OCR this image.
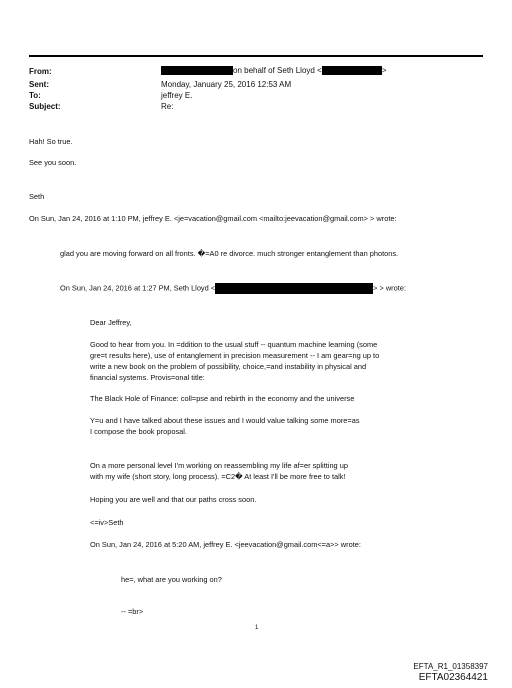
From:	on behalf of Seth Lloyd <	>
Sent:	Monday, January 25, 2016 12:53 AM
To:	jeffrey E.
Subject:	Re:
Hah! So true.
See you soon.
Seth
On Sun, Jan 24, 2016 at 1:10 PM, jeffrey E. <je=vacation@gmail.com <mailto:jeevacation@gmail.com> > wrote:
glad you are moving forward on all fronts. �=A0 re divorce. much stronger entanglement than photons.
On Sun, Jan 24, 2016 at 1:27 PM, Seth Lloyd <	> > wrote:
Dear Jeffrey,
Good to hear from you. In =ddition to the usual stuff -- quantum machine learning (some
gre=t results here), use of entanglement in precision measurement -- I am gear=ng up to
write a new book on the problem of possibility, choice,=and instability in physical and
financial systems. Provis=onal title:
The Black Hole of Finance: coll=pse and rebirth in the economy and the universe
Y=u and I have talked about these issues and I would value talking some more=as
I compose the book proposal.
On a more personal level I'm working on reassembling my life af=er splitting up
with my wife (short story, long process). =C2� At least I'll be more free to talk!
Hoping you are well and that our paths cross soon.
<=iv>Seth
On Sun, Jan 24, 2016 at 5:20 AM, jeffrey E. <jeevacation@gmail.com<=a>> wrote:
he=, what are you working on?
-- =br>
1
EFTA_R1_01358397
EFTA02364421
